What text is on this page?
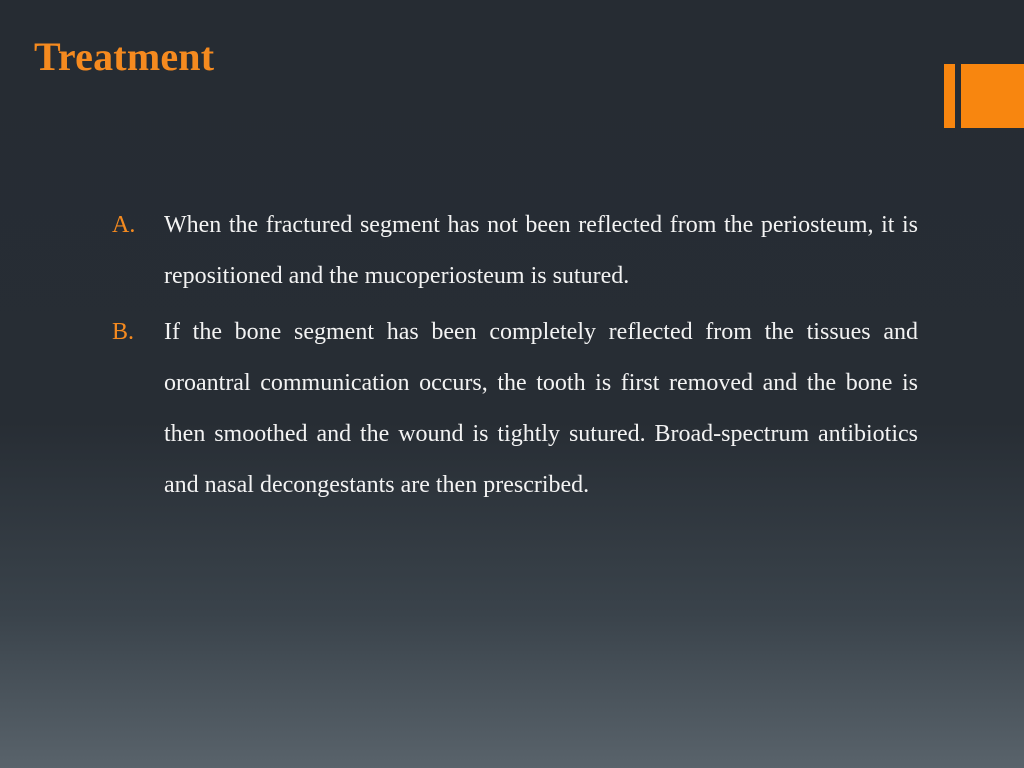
Treatment
A.	When the fractured segment has not been reflected from the periosteum, it is repositioned and the mucoperiosteum is sutured.
B.	If the bone segment has been completely reflected from the tissues and oroantral communication occurs, the tooth is first removed and the bone is then smoothed and the wound is tightly sutured. Broad-spectrum antibiotics and nasal decongestants are then prescribed.
